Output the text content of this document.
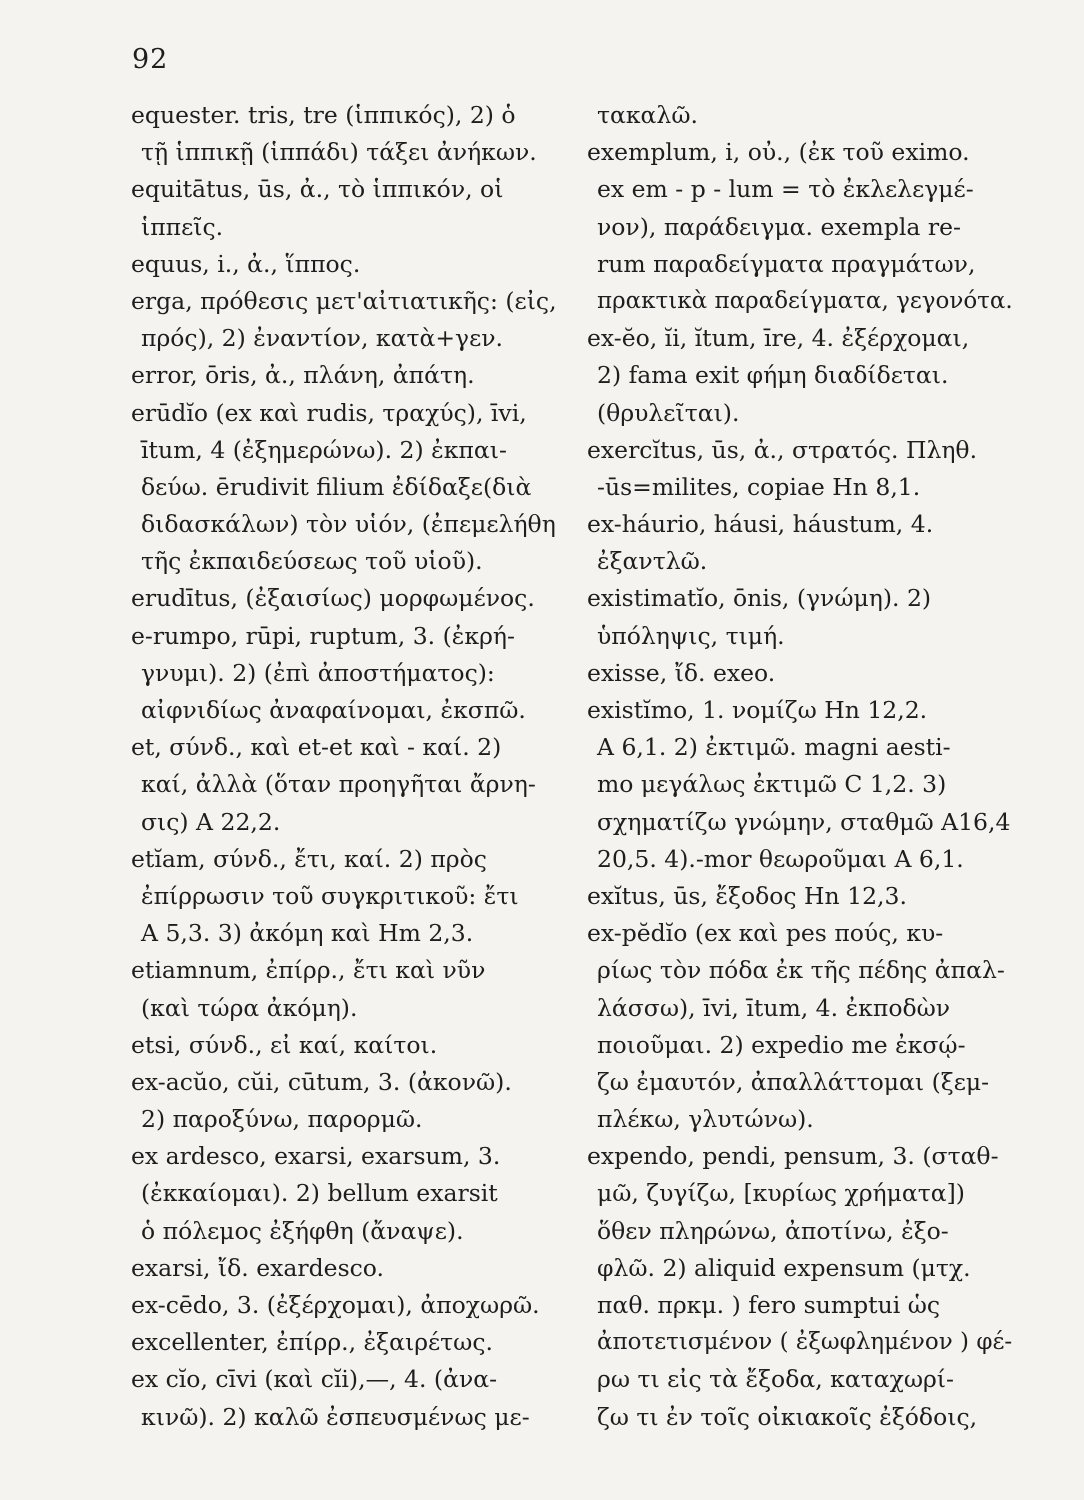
92
equester. tris, tre (ἱππικός), 2) ὁ
τῇ ἱππικῇ (ἱππάδι) τάξει ἀνήκων.
equitātus, ūs, ἀ., τὸ ἱππικόν, οἱ
ἱππεῖς.
equus, i., ἀ., ἵππος.
erga, πρόθεσις μετ'αἰτιατικῆς: (εἰς,
πρός), 2) ἐναντίον, κατὰ+γεν.
error, ōris, ἀ., πλάνη, ἀπάτη.
erūdĭo (ex καὶ rudis, τραχύς), īvi,
ītum, 4 (ἐξημερώνω). 2) ἐκπαι-
δεύω. ērudivit filium ἐδίδαξε(διὰ
διδασκάλων) τὸν υἱόν, (ἐπεμελήθη
τῆς ἐκπαιδεύσεως τοῦ υἱοῦ).
erudītus, (ἐξαισίως) μορφωμένος.
e-rumpo, rūpi, ruptum, 3. (ἐκρή-
γνυμι). 2) (ἐπὶ ἀποστήματος):
αἰφνιδίως ἀναφαίνομαι, ἐκσπῶ.
et, σύνδ., καὶ et-et καὶ - καί. 2)
καί, ἀλλὰ (ὅταν προηγῆται ἄρνη-
σις) A 22,2.
etĭam, σύνδ., ἔτι, καί. 2) πρὸς
ἐπίρρωσιν τοῦ συγκριτικοῦ: ἔτι
A 5,3. 3) ἀκόμη καὶ Hm 2,3.
etiamnum, ἐπίρρ., ἔτι καὶ νῦν
(καὶ τώρα ἀκόμη).
etsi, σύνδ., εἰ καί, καίτοι.
ex-acŭo, cŭi, cūtum, 3. (ἀκονῶ).
2) παροξύνω, παρορμῶ.
ex ardesco, exarsi, exarsum, 3.
(ἐκκαίομαι). 2) bellum exarsit
ὁ πόλεμος ἐξήφθη (ἄναψε).
exarsi, ἴδ. exardesco.
ex-cēdo, 3. (ἐξέρχομαι), ἀποχωρῶ.
excellenter, ἐπίρρ., ἐξαιρέτως.
ex cĭo, cīvi (καὶ cĭi),—, 4. (ἀνα-
κινῶ). 2) καλῶ ἐσπευσμένως με-
τακαλῶ.
exemplum, i, οὐ., (ἐκ τοῦ eximo.
ex em - p - lum = τὸ ἐκλελεγμέ-
νον), παράδειγμα. exempla re-
rum παραδείγματα πραγμάτων,
πρακτικὰ παραδείγματα, γεγονότα.
ex-ĕo, ĭi, ĭtum, īre, 4. ἐξέρχομαι,
2) fama exit φήμη διαδίδεται.
(θρυλεῖται).
exercĭtus, ūs, ἀ., στρατός. Πληθ.
-ūs=milites, copiae Hn 8,1.
ex-háurio, háusi, háustum, 4.
ἐξαντλῶ.
existimatĭo, ōnis, (γνώμη). 2)
ὑπόληψις, τιμή.
exisse, ἴδ. exeo.
existĭmo, 1. νομίζω Hn 12,2.
A 6,1. 2) ἐκτιμῶ. magni aesti-
mo μεγάλως ἐκτιμῶ C 1,2. 3)
σχηματίζω γνώμην, σταθμῶ A16,4
20,5. 4).-mor θεωροῦμαι A 6,1.
exĭtus, ūs, ἔξοδος Hn 12,3.
ex-pĕdĭo (ex καὶ pes πούς, κυ-
ρίως τὸν πόδα ἐκ τῆς πέδης ἀπαλ-
λάσσω), īvi, ītum, 4. ἐκποδὼν
ποιοῦμαι. 2) expedio me ἐκσῴ-
ζω ἐμαυτόν, ἀπαλλάττομαι (ξεμ-
πλέκω, γλυτώνω).
expendo, pendi, pensum, 3. (σταθ-
μῶ, ζυγίζω, [κυρίως χρήματα])
ὅθεν πληρώνω, ἀποτίνω, ἐξο-
φλῶ. 2) aliquid expensum (μτχ.
παθ. πρκμ. ) fero sumptui ὡς
ἀποτετισμένον ( ἐξωφλημένον ) φέ-
ρω τι εἰς τὰ ἔξοδα, καταχωρί-
ζω τι ἐν τοῖς οἰκιακοῖς ἐξόδοις,
